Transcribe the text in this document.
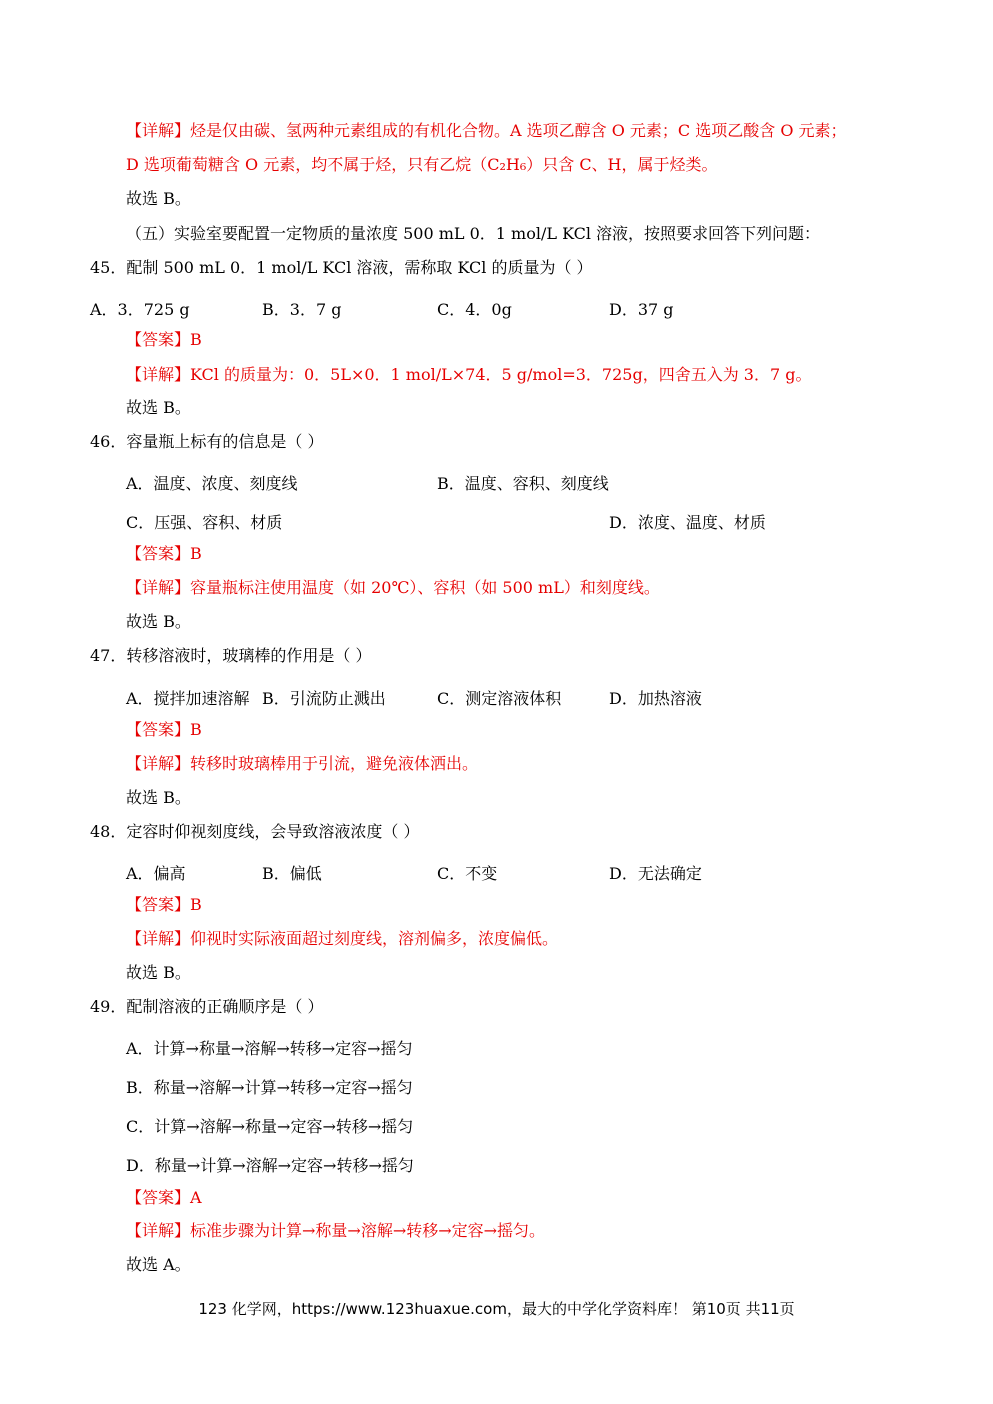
【详解】烃是仅由碳、氢两种元素组成的有机化合物。A 选项乙醇含 O 元素；C 选项乙酸含 O 元素；
D 选项葡萄糖含 O 元素，均不属于烃，只有乙烷（C₂H₆）只含 C、H，属于烃类。
故选 B。
（五）实验室要配置一定物质的量浓度 500 mL 0．1 mol/L KCl 溶液，按照要求回答下列问题：
45．配制 500 mL 0．1 mol/L KCl 溶液，需称取 KCl 的质量为（ ）
A．3．725 g	B．3．7 g	C．4．0g	D．37 g
【答案】B
【详解】KCl 的质量为：0．5L×0．1 mol/L×74．5 g/mol=3．725g，四舍五入为 3．7 g。
故选 B。
46．容量瓶上标有的信息是（ ）
A．温度、浓度、刻度线	B．温度、容积、刻度线
C．压强、容积、材质	D．浓度、温度、材质
【答案】B
【详解】容量瓶标注使用温度（如 20℃）、容积（如 500 mL）和刻度线。
故选 B。
47．转移溶液时，玻璃棒的作用是（ ）
A．搅拌加速溶解 B．引流防止溅出	C．测定溶液体积	D．加热溶液
【答案】B
【详解】转移时玻璃棒用于引流，避免液体洒出。
故选 B。
48．定容时仰视刻度线，会导致溶液浓度（ ）
A．偏高	B．偏低	C．不变	D．无法确定
【答案】B
【详解】仰视时实际液面超过刻度线，溶剂偏多，浓度偏低。
故选 B。
49．配制溶液的正确顺序是（ ）
A．计算→称量→溶解→转移→定容→摇匀
B．称量→溶解→计算→转移→定容→摇匀
C．计算→溶解→称量→定容→转移→摇匀
D．称量→计算→溶解→定容→转移→摇匀
【答案】A
【详解】标准步骤为计算→称量→溶解→转移→定容→摇匀。
故选 A。
123 化学网，https://www.123huaxue.com，最大的中学化学资料库！ 第10页 共11页
